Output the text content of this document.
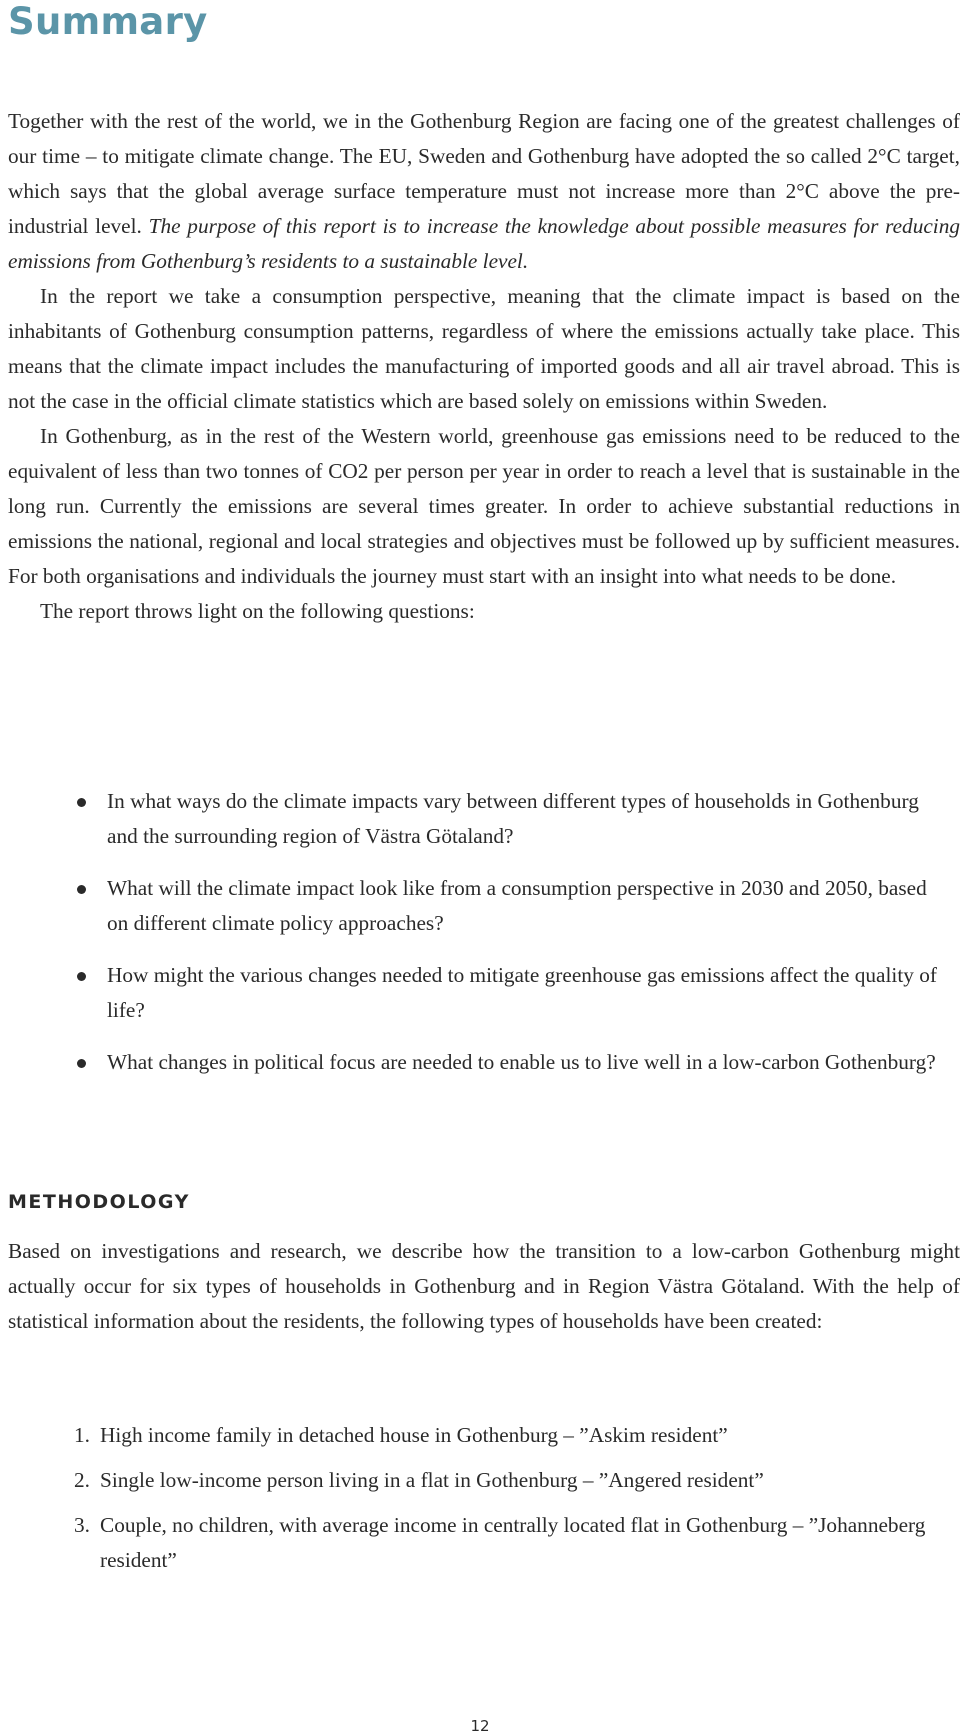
Summary

Together with the rest of the world, we in the Gothenburg Region are facing one of the greatest challenges of our time – to mitigate climate change. The EU, Sweden and Gothenburg have adopted the so called 2°C target, which says that the global average surface temperature must not increase more than 2°C above the pre-industrial level. The purpose of this report is to increase the knowledge about possible measures for reducing emissions from Gothenburg’s residents to a sustainable level.

In the report we take a consumption perspective, meaning that the climate impact is based on the inhabitants of Gothenburg consumption patterns, regardless of where the emissions actually take place. This means that the climate impact includes the manufacturing of imported goods and all air travel abroad. This is not the case in the official climate statistics which are based solely on emissions within Sweden.

In Gothenburg, as in the rest of the Western world, greenhouse gas emissions need to be reduced to the equivalent of less than two tonnes of CO2 per person per year in order to reach a level that is sustainable in the long run. Currently the emissions are several times greater. In order to achieve substantial reductions in emissions the national, regional and local strategies and objectives must be followed up by sufficient measures. For both organisations and individuals the journey must start with an insight into what needs to be done.

The report throws light on the following questions:

In what ways do the climate impacts vary between different types of households in Gothenburg and the surrounding region of Västra Götaland?
What will the climate impact look like from a consumption perspective in 2030 and 2050, based on different climate policy approaches?
How might the various changes needed to mitigate greenhouse gas emissions affect the quality of life?
What changes in political focus are needed to enable us to live well in a low-carbon Gothenburg?
METHODOLOGY

Based on investigations and research, we describe how the transition to a low-carbon Gothenburg might actually occur for six types of households in Gothenburg and in Region Västra Götaland. With the help of statistical information about the residents, the following types of households have been created:

1. High income family in detached house in Gothenburg – ”Askim resident”
2. Single low-income person living in a flat in Gothenburg – ”Angered resident”
3. Couple, no children, with average income in centrally located flat in Gothenburg – ”Johanneberg resident”
12
